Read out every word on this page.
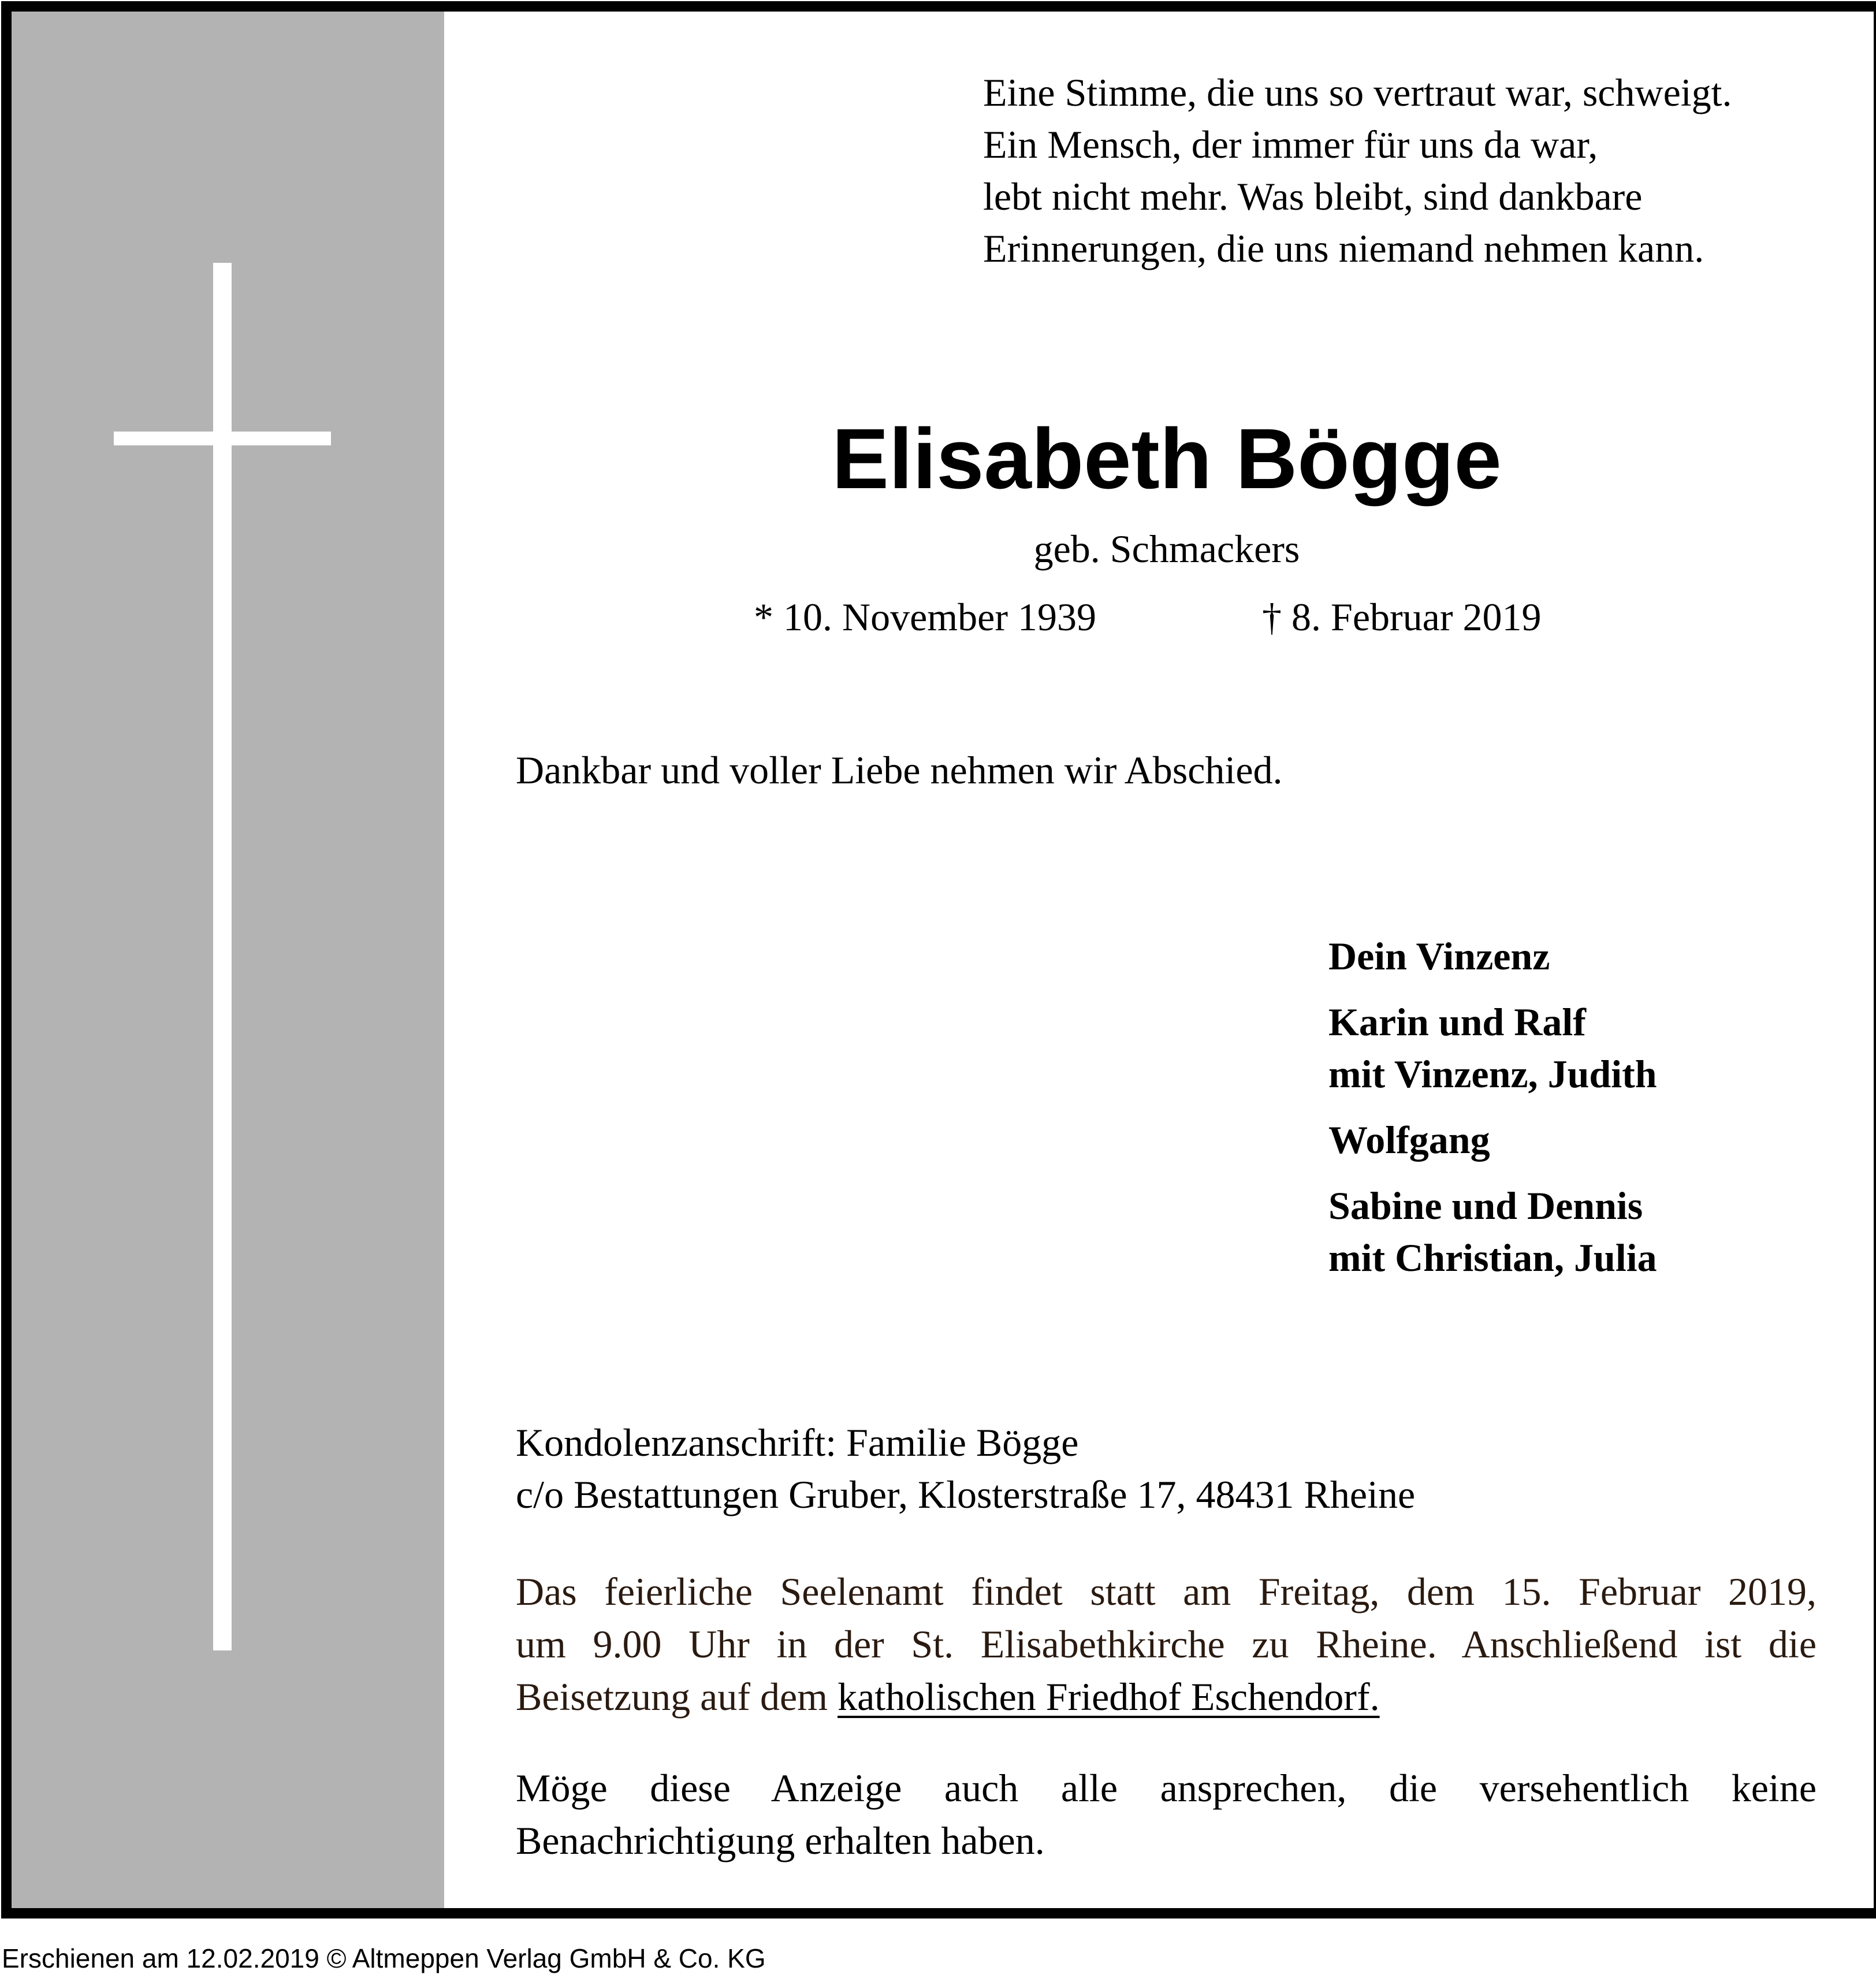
Eine Stimme, die uns so vertraut war, schweigt.
Ein Mensch, der immer für uns da war,
lebt nicht mehr. Was bleibt, sind dankbare
Erinnerungen, die uns niemand nehmen kann.
Elisabeth Bögge
geb. Schmackers
* 10. November 1939	† 8. Februar 2019
Dankbar und voller Liebe nehmen wir Abschied.
Dein Vinzenz
Karin und Ralf
mit Vinzenz, Judith
Wolfgang
Sabine und Dennis
mit Christian, Julia
Kondolenzanschrift: Familie Bögge
c/o Bestattungen Gruber, Klosterstraße 17, 48431 Rheine
Das feierliche Seelenamt findet statt am Freitag, dem 15. Februar 2019,
um 9.00 Uhr in der St. Elisabethkirche zu Rheine. Anschließend ist die
Beisetzung auf dem katholischen Friedhof Eschendorf.
Möge diese Anzeige auch alle ansprechen, die versehentlich keine
Benachrichtigung erhalten haben.
Erschienen am 12.02.2019 © Altmeppen Verlag GmbH & Co. KG
